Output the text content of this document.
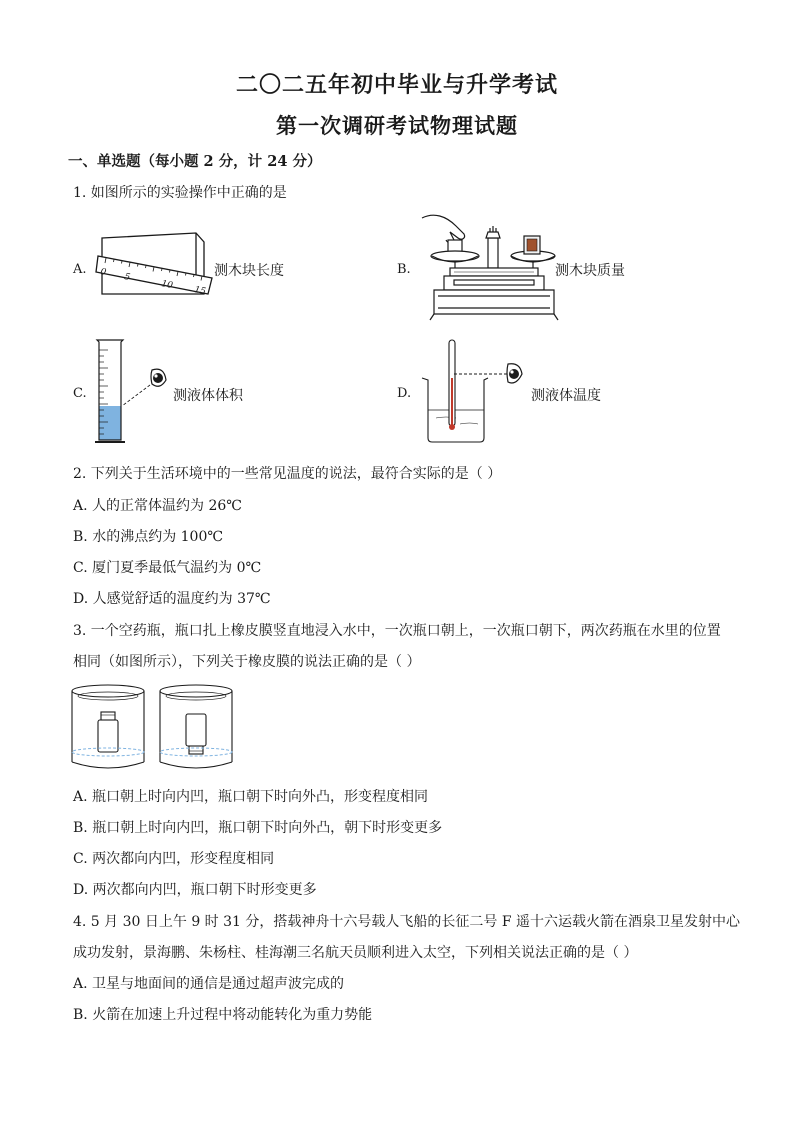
二〇二五年初中毕业与升学考试
第一次调研考试物理试题
一、单选题（每小题 2 分，计 24 分）
1. 如图所示的实验操作中正确的是
A. 0 5
10 15
测木块长度	B.	测木块质量
C.	测液体体积	D.	测液体温度
2. 下列关于生活环境中的一些常见温度的说法，最符合实际的是（ ）
A. 人的正常体温约为 26℃
B. 水的沸点约为 100℃
C. 厦门夏季最低气温约为 0℃
D. 人感觉舒适的温度约为 37℃
3. 一个空药瓶，瓶口扎上橡皮膜竖直地浸入水中，一次瓶口朝上，一次瓶口朝下，两次药瓶在水里的位置
相同（如图所示），下列关于橡皮膜的说法正确的是（ ）
A. 瓶口朝上时向内凹，瓶口朝下时向外凸，形变程度相同
B. 瓶口朝上时向内凹，瓶口朝下时向外凸，朝下时形变更多
C. 两次都向内凹，形变程度相同
D. 两次都向内凹，瓶口朝下时形变更多
4. 5 月 30 日上午 9 时 31 分，搭载神舟十六号载人飞船的长征二号 F 遥十六运载火箭在酒泉卫星发射中心
成功发射，景海鹏、朱杨柱、桂海潮三名航天员顺利进入太空，下列相关说法正确的是（ ）
A. 卫星与地面间的通信是通过超声波完成的
B. 火箭在加速上升过程中将动能转化为重力势能
